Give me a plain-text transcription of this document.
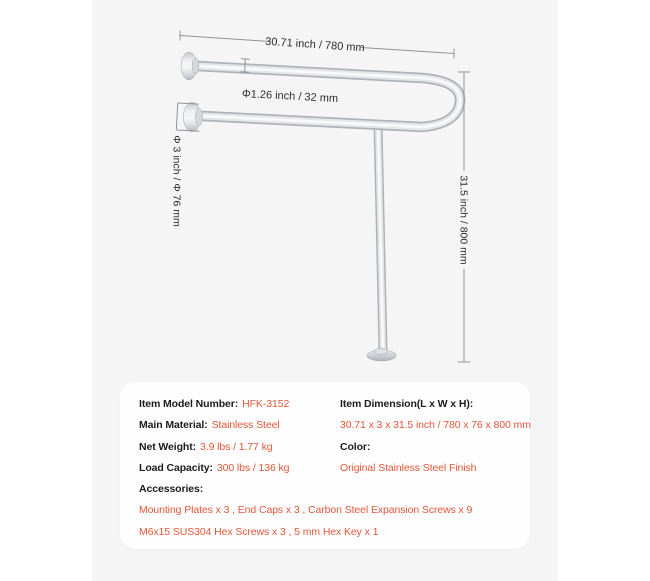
30.71 inch / 780 mm
Φ1.26 inch / 32 mm
Φ 3 inch / Φ 76 mm	31.5 inch / 800 mm
Item Model Number: HFK-3152	Item Dimension(L x W x H):
Main Material: Stainless Steel	30.71 x 3 x 31.5 inch / 780 x 76 x 800 mm
Net Weight: 3.9 lbs / 1.77 kg	Color:
Load Capacity: 300 lbs / 136 kg	Original Stainless Steel Finish
Accessories:
Mounting Plates x 3 , End Caps x 3 , Carbon Steel Expansion Screws x 9
M6x15 SUS304 Hex Screws x 3 , 5 mm Hex Key x 1
